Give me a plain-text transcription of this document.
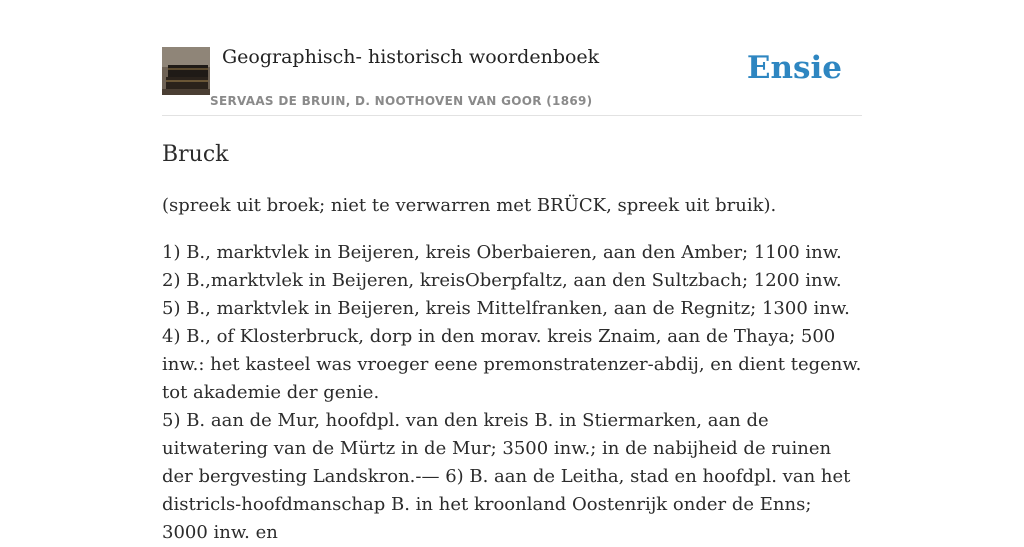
Geographisch- historisch woordenboek
SERVAAS DE BRUIN, D. NOOTHOVEN VAN GOOR (1869)
Ensie
Bruck

(spreek uit broek; niet te verwarren met BRÜCK, spreek uit bruik).

1) B., marktvlek in Beijeren, kreis Oberbaieren, aan den Amber; 1100 inw.
2) B.,marktvlek in Beijeren, kreisOberpfaltz, aan den Sultzbach; 1200 inw.
5) B., marktvlek in Beijeren, kreis Mittelfranken, aan de Regnitz; 1300 inw.
4) B., of Klosterbruck, dorp in den morav. kreis Znaim, aan de Thaya; 500 inw.: het kasteel was vroeger eene premonstratenzer-abdij, en dient tegenw. tot akademie der genie.
5) B. aan de Mur, hoofdpl. van den kreis B. in Stiermarken, aan de uitwatering van de Mürtz in de Mur; 3500 inw.; in de nabijheid de ruinen der bergvesting Landskron.-— 6) B. aan de Leitha, stad en hoofdpl. van het districls-hoofdmanschap B. in het kroonland Oostenrijk onder de Enns; 3000 inw. en
